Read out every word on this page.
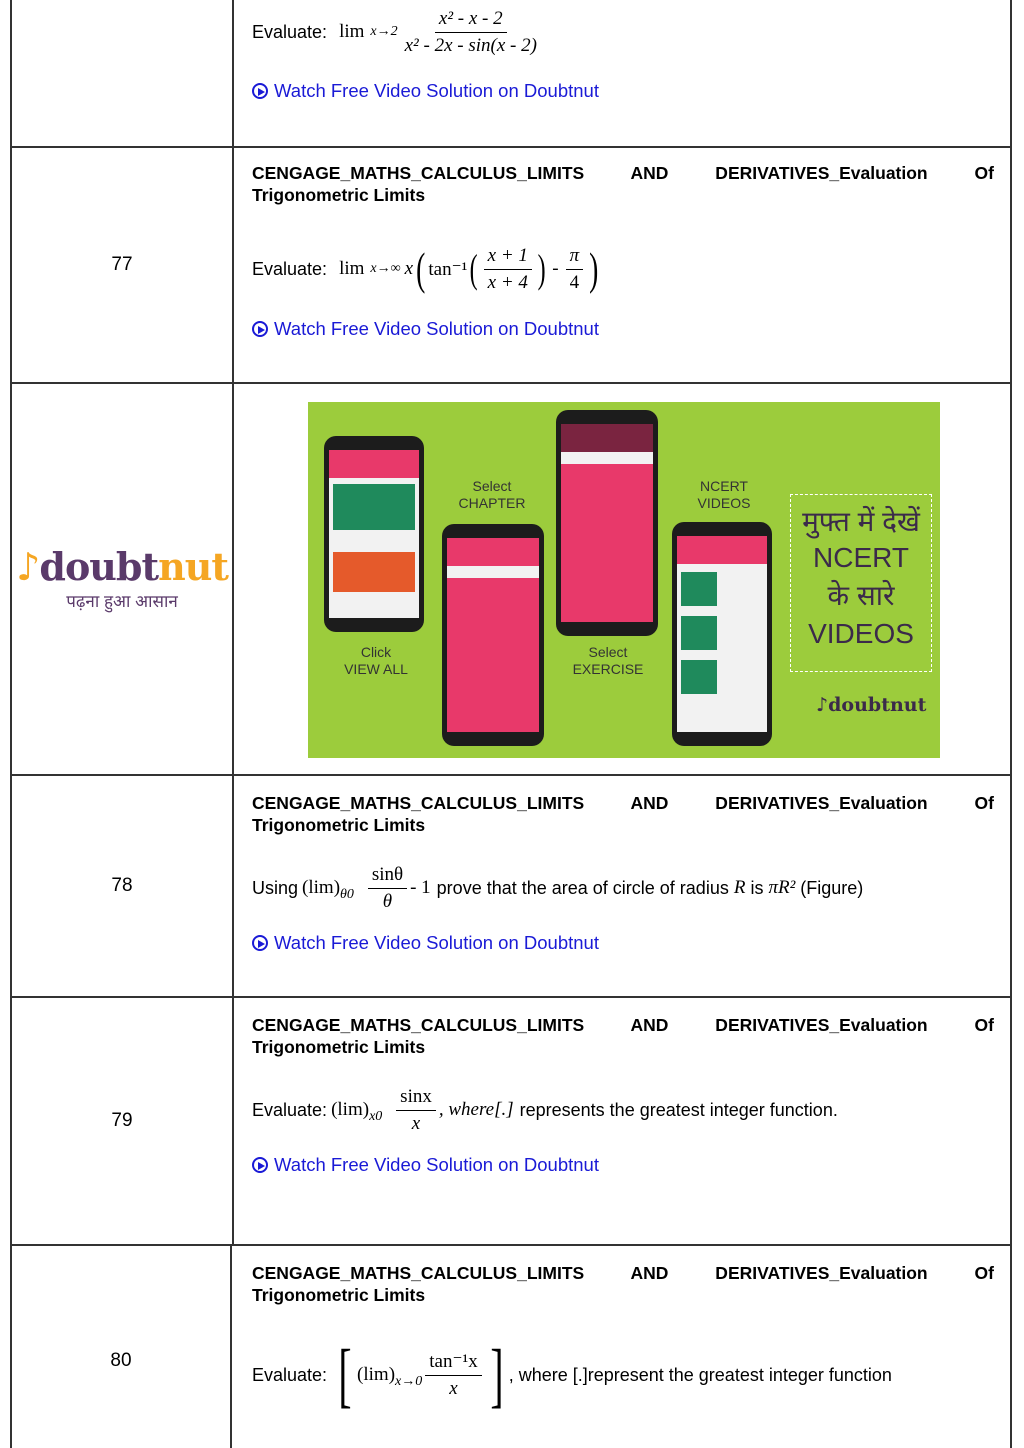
Evaluate: $\lim x\to 2 \frac{\text{x² - x - 2}}{\text{x² - 2x - sin(x - 2)}}$
Watch Free Video Solution on Doubtnut
77
CENGAGE_MATHS_CALCULUS_LIMITS AND DERIVATIVES_Evaluation Of
Trigonometric Limits
Evaluate: lim x→∞ x ( tan⁻¹ ( $\frac{x + 1}{x + 4}$ ) - $\frac{\pi}{4}$ )
Watch Free Video Solution on Doubtnut
♪doubtnut
पढ़ना हुआ आसान
Click
VIEW ALL
Select
CHAPTER
Select
EXERCISE
NCERT
VIDEOS
मुफ्त में देखें
NCERT
के सारे
VIDEOS
♪doubtnut
78
CENGAGE_MATHS_CALCULUS_LIMITS AND DERIVATIVES_Evaluation Of
Trigonometric Limits
Using (lim) θ0⃗ $\frac{\sin\theta}{\theta} - 1$ prove that the area of circle of radius R is πR² (Figure)
Watch Free Video Solution on Doubtnut
79
CENGAGE_MATHS_CALCULUS_LIMITS AND DERIVATIVES_Evaluation Of
Trigonometric Limits
Evaluate: (lim) x0⃗ $\frac{\sin x}{x}$ , where[.] represents the greatest integer function.
Watch Free Video Solution on Doubtnut
80
CENGAGE_MATHS_CALCULUS_LIMITS AND DERIVATIVES_Evaluation Of
Trigonometric Limits
Evaluate: [ (lim) $x\to 0 \frac{\text{tan⁻¹x}}{x}$ ] , where [.]represent the greatest integer function
